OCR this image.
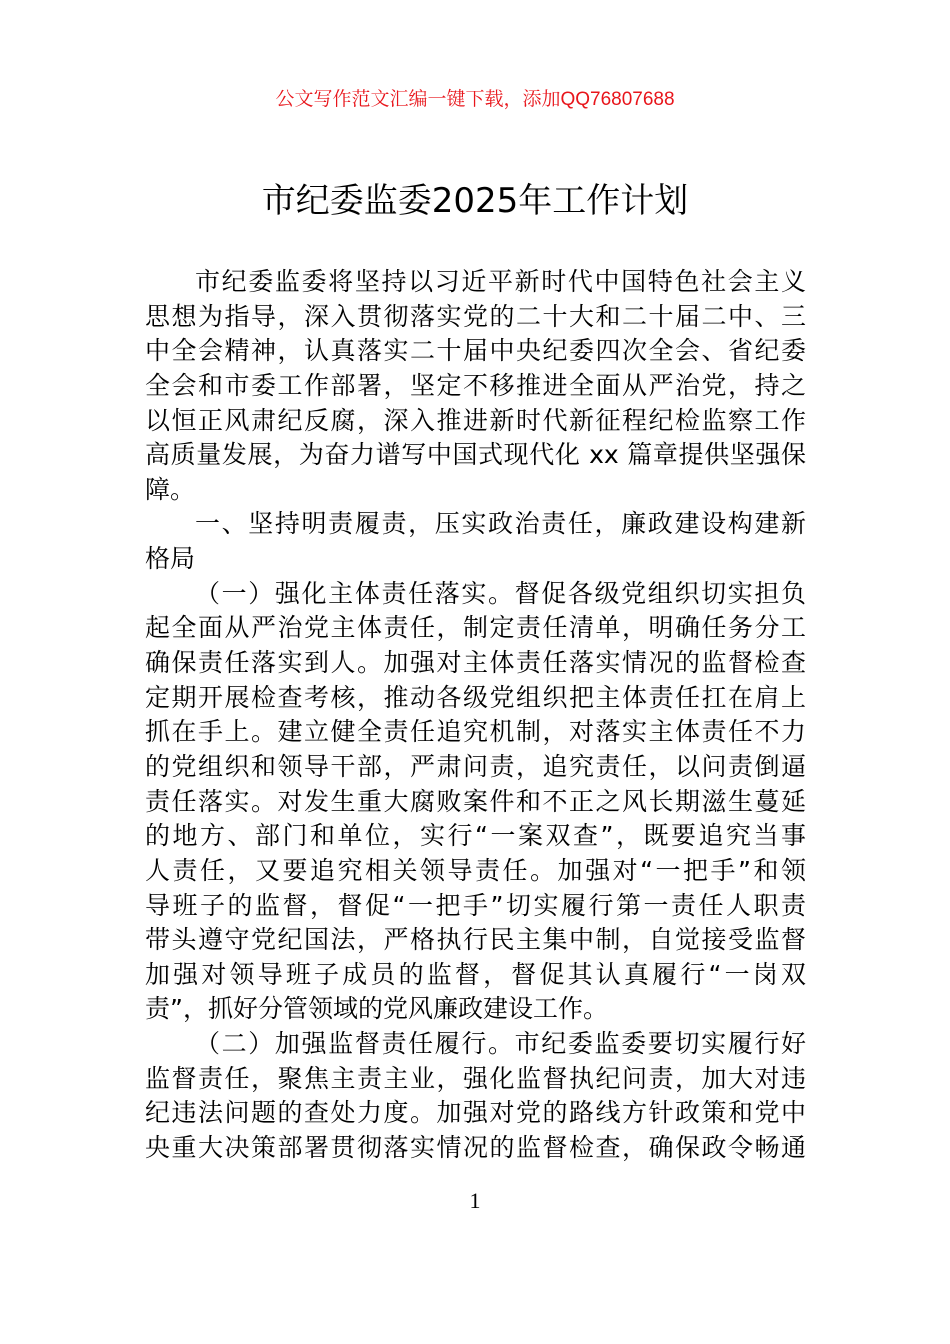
公文写作范文汇编一键下载，添加QQ76807688
市纪委监委2025年工作计划
市纪委监委将坚持以习近平新时代中国特色社会主义
思想为指导，深入贯彻落实党的二十大和二十届二中、三
中全会精神，认真落实二十届中央纪委四次全会、省纪委
全会和市委工作部署，坚定不移推进全面从严治党，持之
以恒正风肃纪反腐，深入推进新时代新征程纪检监察工作
高质量发展，为奋力谱写中国式现代化 xx 篇章提供坚强保
障。
一、坚持明责履责，压实政治责任，廉政建设构建新
格局
（一）强化主体责任落实。督促各级党组织切实担负
起全面从严治党主体责任，制定责任清单，明确任务分工
确保责任落实到人。加强对主体责任落实情况的监督检查
定期开展检查考核，推动各级党组织把主体责任扛在肩上
抓在手上。建立健全责任追究机制，对落实主体责任不力
的党组织和领导干部，严肃问责，追究责任，以问责倒逼
责任落实。对发生重大腐败案件和不正之风长期滋生蔓延
的地方、部门和单位，实行“一案双查”，既要追究当事
人责任，又要追究相关领导责任。加强对“一把手”和领
导班子的监督，督促“一把手”切实履行第一责任人职责
带头遵守党纪国法，严格执行民主集中制，自觉接受监督
加强对领导班子成员的监督，督促其认真履行“一岗双
责”，抓好分管领域的党风廉政建设工作。
（二）加强监督责任履行。市纪委监委要切实履行好
监督责任，聚焦主责主业，强化监督执纪问责，加大对违
纪违法问题的查处力度。加强对党的路线方针政策和党中
央重大决策部署贯彻落实情况的监督检查，确保政令畅通
1
